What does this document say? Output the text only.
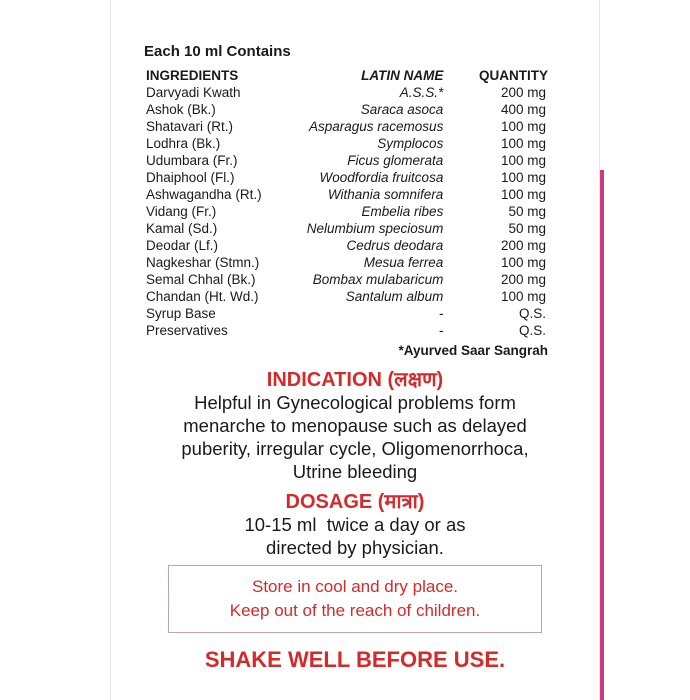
Each 10 ml Contains
INGREDIENTS	LATIN NAME	QUANTITY
Darvyadi Kwath	A.S.S.*	200 mg
Ashok (Bk.)	Saraca asoca	400 mg
Shatavari (Rt.)	Asparagus racemosus	100 mg
Lodhra (Bk.)	Symplocos	100 mg
Udumbara (Fr.)	Ficus glomerata	100 mg
Dhaiphool (Fl.)	Woodfordia fruitcosa	100 mg
Ashwagandha (Rt.)	Withania somnifera	100 mg
Vidang (Fr.)	Embelia ribes	50 mg
Kamal (Sd.)	Nelumbium speciosum	50 mg
Deodar (Lf.)	Cedrus deodara	200 mg
Nagkeshar (Stmn.)	Mesua ferrea	100 mg
Semal Chhal (Bk.)	Bombax mulabaricum	200 mg
Chandan (Ht. Wd.)	Santalum album	100 mg
Syrup Base	-	Q.S.
Preservatives	-	Q.S.
*Ayurved Saar Sangrah
INDICATION (लक्षण)
Helpful in Gynecological problems form
menarche to menopause such as delayed
puberity, irregular cycle, Oligomenorrhoca,
Utrine bleeding
DOSAGE (मात्रा)
10-15 ml  twice a day or as
directed by physician.
Store in cool and dry place.
Keep out of the reach of children.
SHAKE WELL BEFORE USE.
